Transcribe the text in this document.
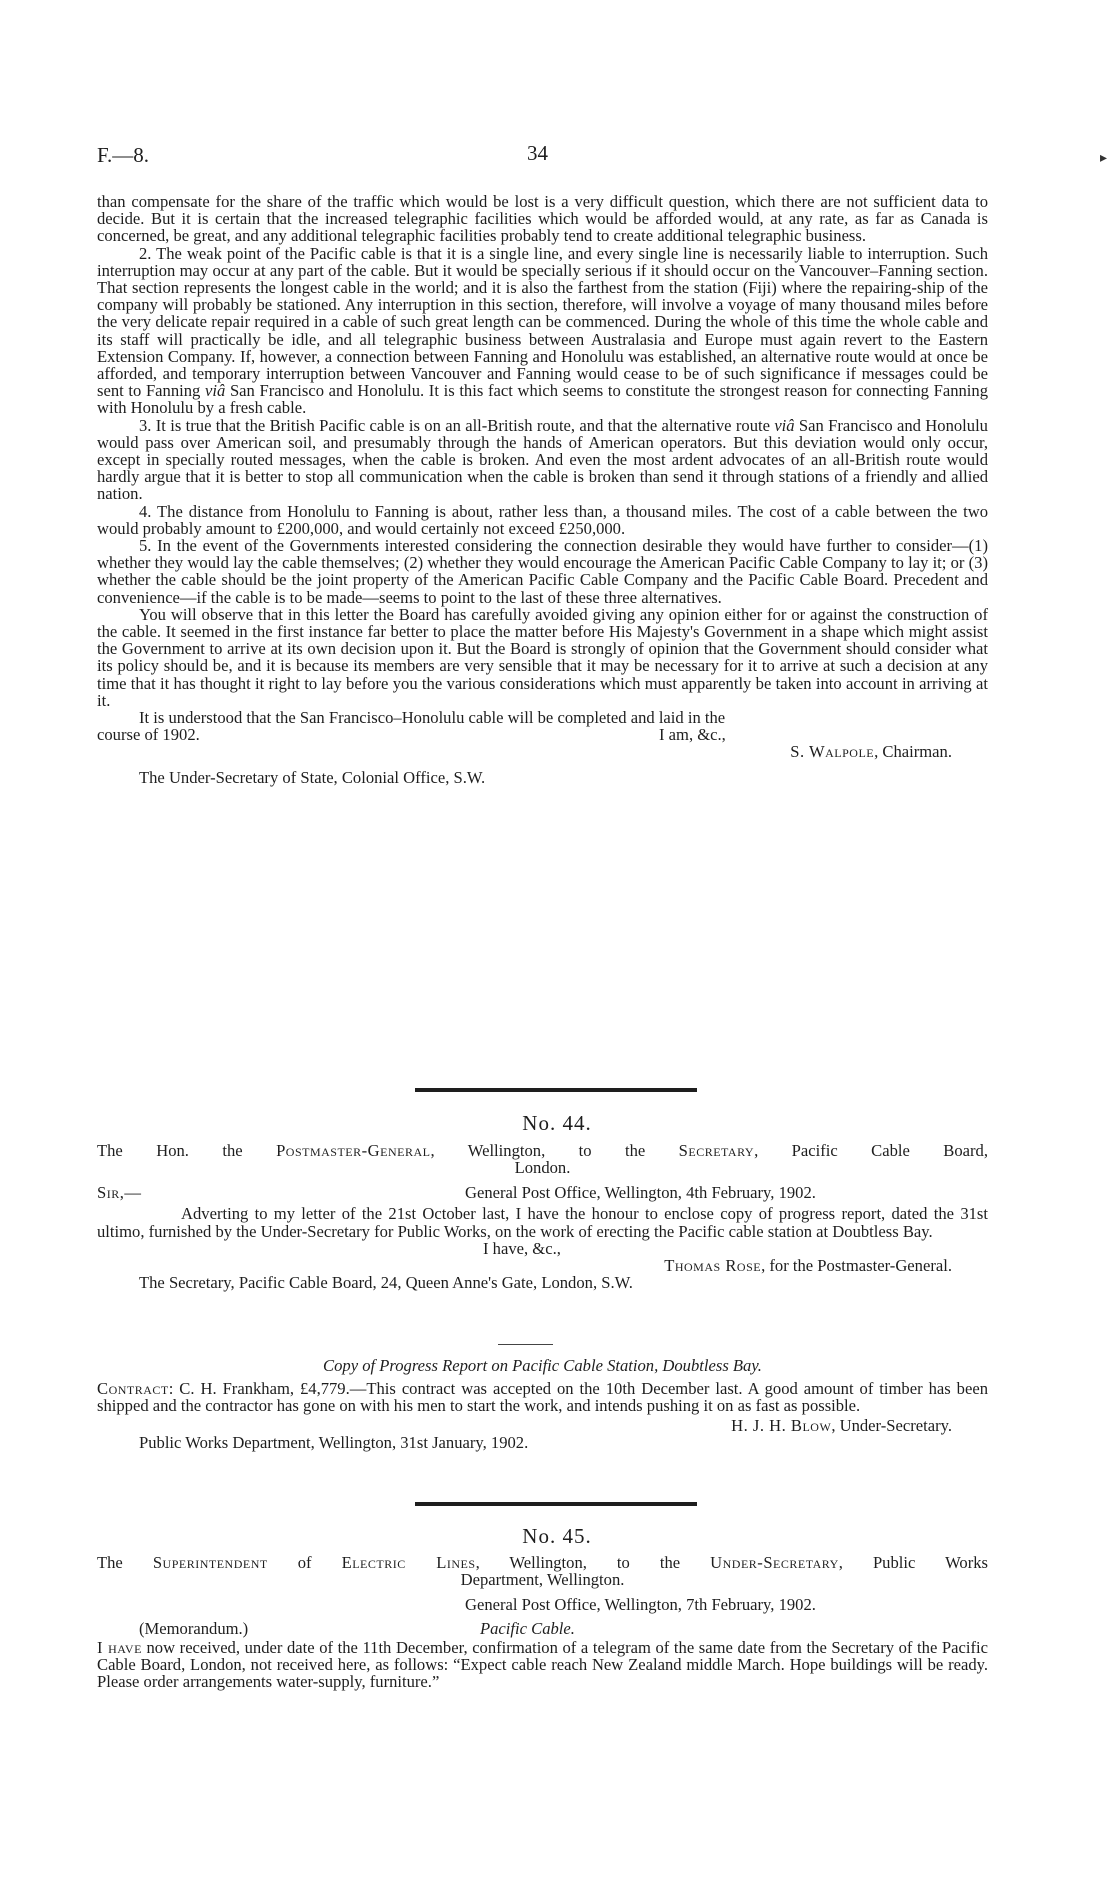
F.—8.	34

than compensate for the share of the traffic which would be lost is a very difficult question, which there are not sufficient data to decide. But it is certain that the increased telegraphic facilities which would be afforded would, at any rate, as far as Canada is concerned, be great, and any additional telegraphic facilities probably tend to create additional telegraphic business.

2. The weak point of the Pacific cable is that it is a single line, and every single line is necessarily liable to interruption. Such interruption may occur at any part of the cable. But it would be specially serious if it should occur on the Vancouver–Fanning section. That section represents the longest cable in the world; and it is also the farthest from the station (Fiji) where the repairing-ship of the company will probably be stationed. Any interruption in this section, therefore, will involve a voyage of many thousand miles before the very delicate repair required in a cable of such great length can be commenced. During the whole of this time the whole cable and its staff will practically be idle, and all telegraphic business between Australasia and Europe must again revert to the Eastern Extension Company. If, however, a connection between Fanning and Honolulu was established, an alternative route would at once be afforded, and temporary interruption between Vancouver and Fanning would cease to be of such significance if messages could be sent to Fanning viâ San Francisco and Honolulu. It is this fact which seems to constitute the strongest reason for connecting Fanning with Honolulu by a fresh cable.

3. It is true that the British Pacific cable is on an all-British route, and that the alternative route viâ San Francisco and Honolulu would pass over American soil, and presumably through the hands of American operators. But this deviation would only occur, except in specially routed messages, when the cable is broken. And even the most ardent advocates of an all-British route would hardly argue that it is better to stop all communication when the cable is broken than send it through stations of a friendly and allied nation.

4. The distance from Honolulu to Fanning is about, rather less than, a thousand miles. The cost of a cable between the two would probably amount to £200,000, and would certainly not exceed £250,000.

5. In the event of the Governments interested considering the connection desirable they would have further to consider—(1) whether they would lay the cable themselves; (2) whether they would encourage the American Pacific Cable Company to lay it; or (3) whether the cable should be the joint property of the American Pacific Cable Company and the Pacific Cable Board. Precedent and convenience—if the cable is to be made—seems to point to the last of these three alternatives.

You will observe that in this letter the Board has carefully avoided giving any opinion either for or against the construction of the cable. It seemed in the first instance far better to place the matter before His Majesty's Government in a shape which might assist the Government to arrive at its own decision upon it. But the Board is strongly of opinion that the Government should consider what its policy should be, and it is because its members are very sensible that it may be necessary for it to arrive at such a decision at any time that it has thought it right to lay before you the various considerations which must apparently be taken into account in arriving at it.

It is understood that the San Francisco–Honolulu cable will be completed and laid in the

course of 1902.	I am, &c.,
S. Walpole, Chairman.
The Under-Secretary of State, Colonial Office, S.W.
No. 44.
The Hon. the Postmaster-General, Wellington, to the Secretary, Pacific Cable Board,
London.
Sir,—	General Post Office, Wellington, 4th February, 1902.

Adverting to my letter of the 21st October last, I have the honour to enclose copy of progress report, dated the 31st ultimo, furnished by the Under-Secretary for Public Works, on the work of erecting the Pacific cable station at Doubtless Bay.

I have, &c.,
Thomas Rose, for the Postmaster-General.
The Secretary, Pacific Cable Board, 24, Queen Anne's Gate, London, S.W.
Copy of Progress Report on Pacific Cable Station, Doubtless Bay.

Contract: C. H. Frankham, £4,779.—This contract was accepted on the 10th December last. A good amount of timber has been shipped and the contractor has gone on with his men to start the work, and intends pushing it on as fast as possible.

H. J. H. Blow, Under-Secretary.
Public Works Department, Wellington, 31st January, 1902.
No. 45.
The Superintendent of Electric Lines, Wellington, to the Under-Secretary, Public Works
Department, Wellington.
General Post Office, Wellington, 7th February, 1902.
(Memorandum.)	Pacific Cable.

I have now received, under date of the 11th December, confirmation of a telegram of the same date from the Secretary of the Pacific Cable Board, London, not received here, as follows: “Expect cable reach New Zealand middle March. Hope buildings will be ready. Please order arrangements water-supply, furniture.”

▸
